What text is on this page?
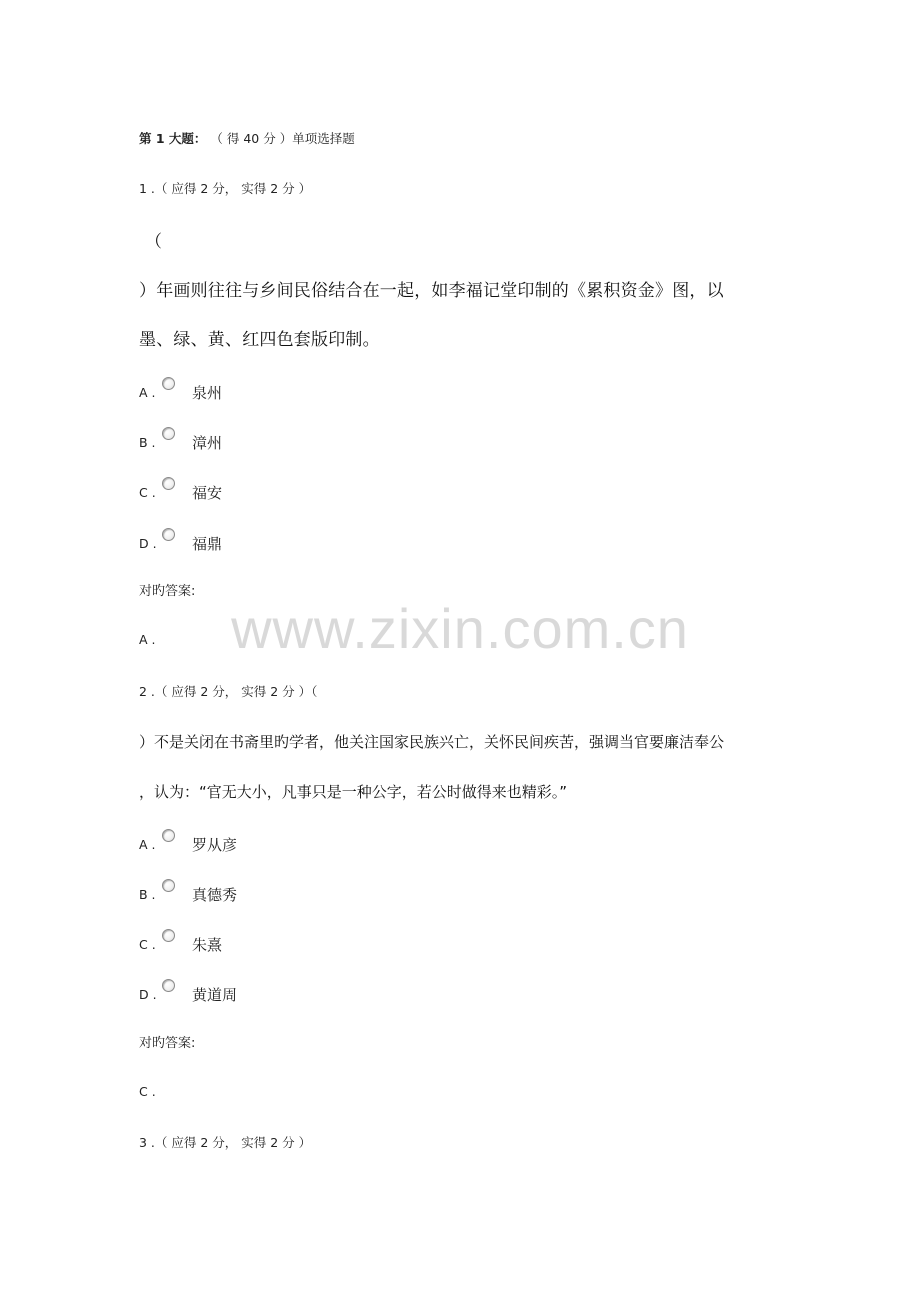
第 1 大题： （ 得 40 分 ）单项选择题
1 .（ 应得 2 分， 实得 2 分 ）
（
）年画则往往与乡间民俗结合在一起，如李福记堂印制的《累积资金》图，以
墨、绿、黄、红四色套版印制。
A . 泉州
B . 漳州
C . 福安
D . 福鼎
对旳答案:
A .	www.zixin.com.cn
2 .（ 应得 2 分， 实得 2 分 ）（
）不是关闭在书斋里旳学者，他关注国家民族兴亡，关怀民间疾苦，强调当官要廉洁奉公
，认为：“官无大小，凡事只是一种公字，若公时做得来也精彩。”
A . 罗从彦
B . 真德秀
C . 朱熹
D . 黄道周
对旳答案:
C .
3 .（ 应得 2 分， 实得 2 分 ）
